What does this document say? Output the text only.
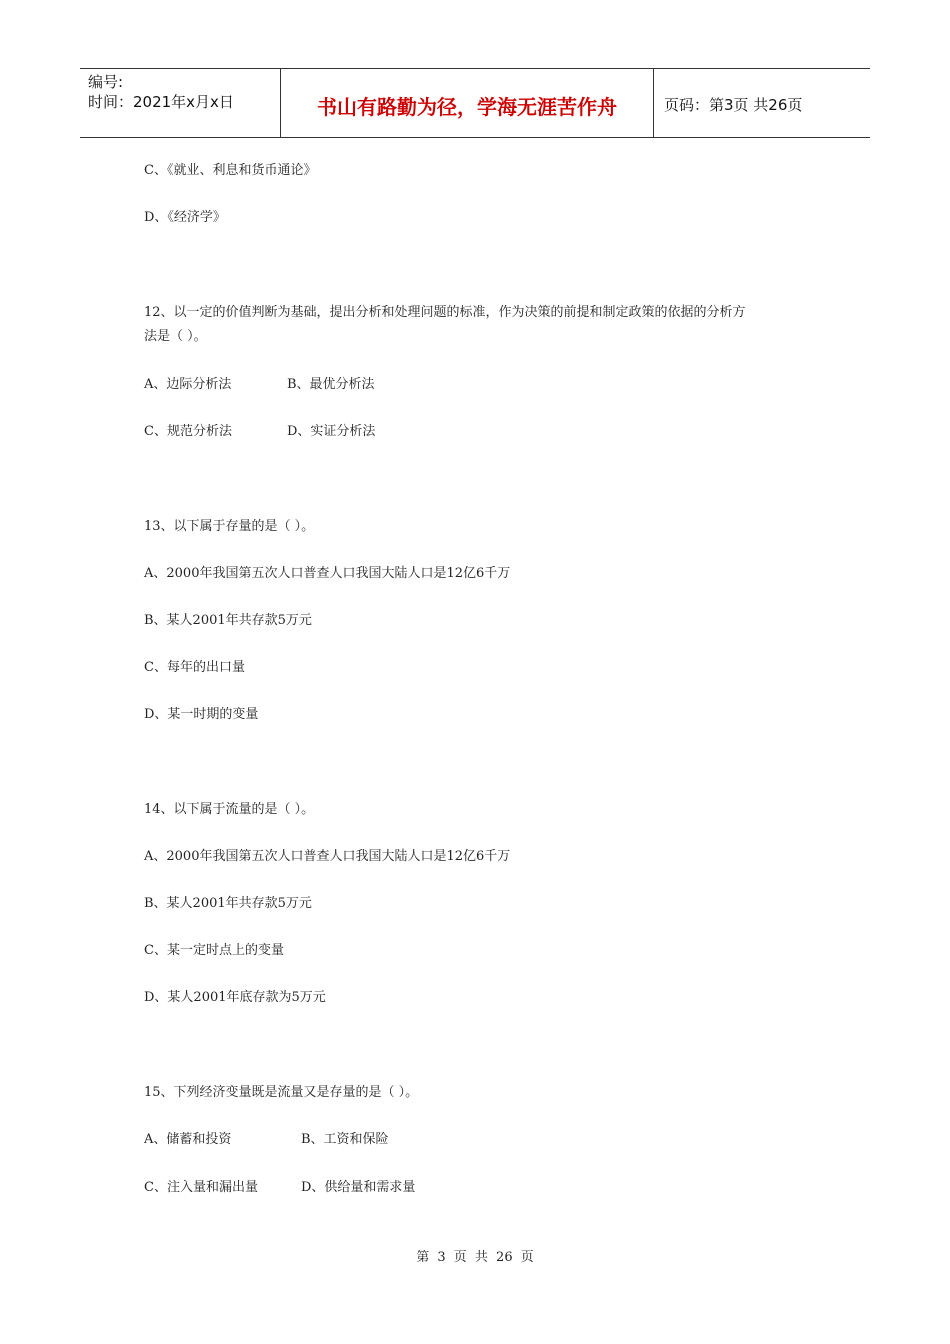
编号:
时间：2021年x月x日	书山有路勤为径，学海无涯苦作舟	页码：第3页 共26页
C、《就业、利息和货币通论》
D、《经济学》
12、以一定的价值判断为基础，提出分析和处理问题的标准，作为决策的前提和制定政策的依据的分析方
法是（ ）。
A、边际分析法	B、最优分析法
C、规范分析法	D、实证分析法
13、以下属于存量的是（ ）。
A、2000年我国第五次人口普查人口我国大陆人口是12亿6千万
B、某人2001年共存款5万元
C、每年的出口量
D、某一时期的变量
14、以下属于流量的是（ ）。
A、2000年我国第五次人口普查人口我国大陆人口是12亿6千万
B、某人2001年共存款5万元
C、某一定时点上的变量
D、某人2001年底存款为5万元
15、下列经济变量既是流量又是存量的是（ ）。
A、储蓄和投资	B、工资和保险
C、注入量和漏出量	D、供给量和需求量
第 3 页 共 26 页
